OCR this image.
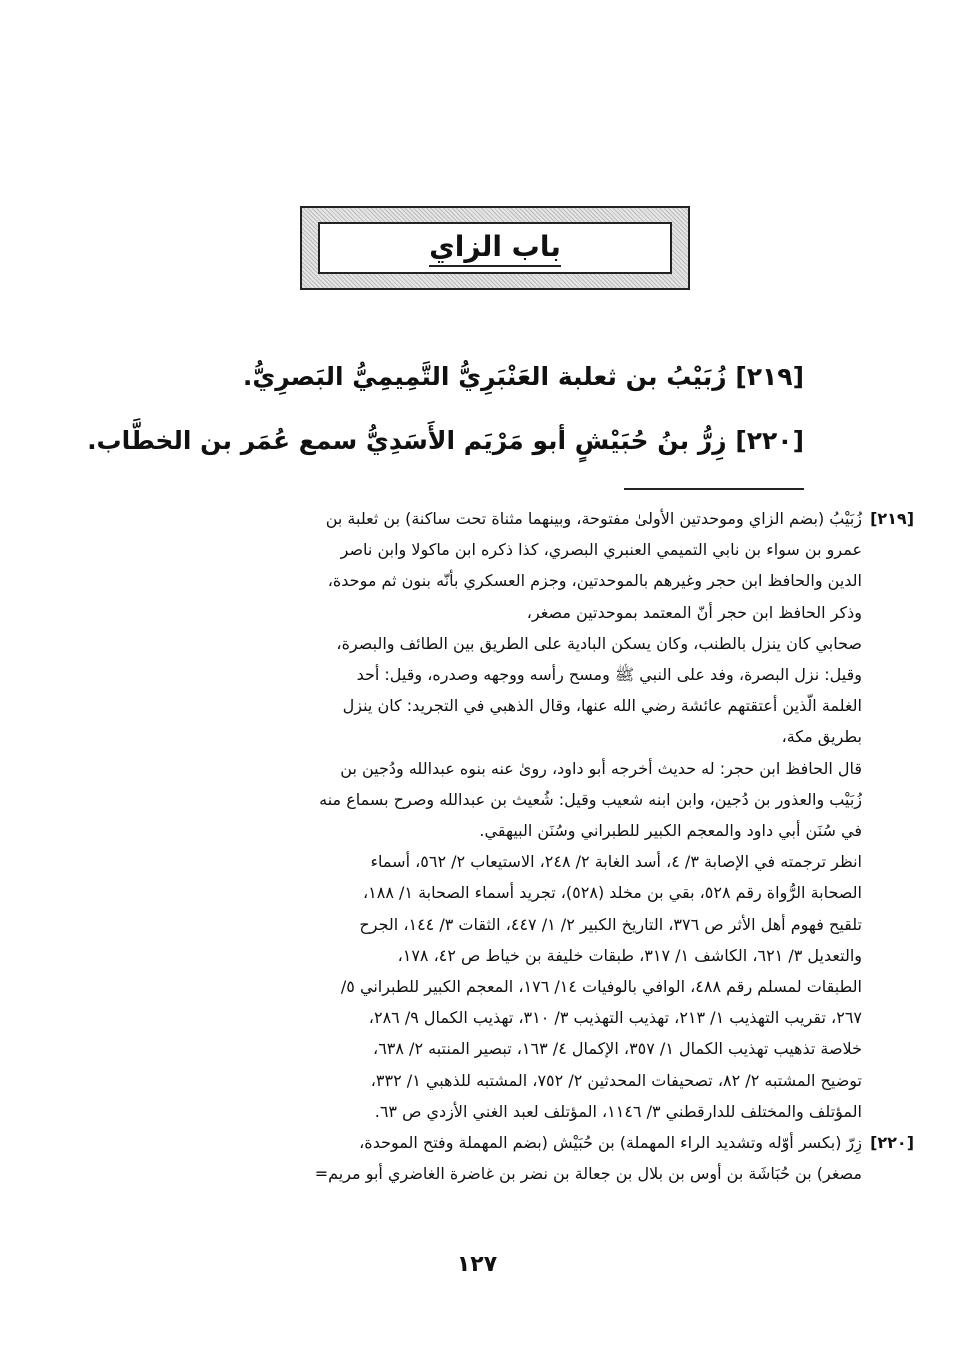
باب الزاي
[٢١٩] زُبَيْبُ بن ثعلبة العَنْبَرِيُّ التَّمِيمِيُّ البَصرِيُّ.
[٢٢٠] زِرُّ بنُ حُبَيْشٍ أبو مَرْيَم الأَسَدِيُّ سمع عُمَر بن الخطَّاب.
[٢١٩]
زُبَيْبُ (بضم الزاي وموحدتين الأولىٰ مفتوحة، وبينهما مثناة تحت ساكنة) بن ثعلبة بن
عمرو بن سواء بن نابي التميمي العنبري البصري، كذا ذكره ابن ماكولا وابن ناصر
الدين والحافظ ابن حجر وغيرهم بالموحدتين، وجزم العسكري بأنّه بنون ثم موحدة،
وذكر الحافظ ابن حجر أنّ المعتمد بموحدتين مصغر،
صحابي كان ينزل بالطنب، وكان يسكن البادية على الطريق بين الطائف والبصرة،
وقيل: نزل البصرة، وفد على النبي ﷺ ومسح رأسه ووجهه وصدره، وقيل: أحد
الغلمة الّذين أعتقتهم عائشة رضي الله عنها، وقال الذهبي في التجريد: كان ينزل
بطريق مكة،
قال الحافظ ابن حجر: له حديث أخرجه أبو داود، روىٰ عنه بنوه عبدالله ودُجين بن
زُبَيْب والعذور بن دُجين، وابن ابنه شعيب وقيل: شُعيث بن عبدالله وصرح بسماع منه
في سُنَن أبي داود والمعجم الكبير للطبراني وسُنَن البيهقي.
انظر ترجمته في الإصابة ٣/ ٤، أسد الغابة ٢/ ٢٤٨، الاستيعاب ٢/ ٥٦٢، أسماء
الصحابة الرُّواة رقم ٥٢٨، بقي بن مخلد (٥٢٨)، تجريد أسماء الصحابة ١/ ١٨٨،
تلقيح فهوم أهل الأثر ص ٣٧٦، التاريخ الكبير ٢/ ١/ ٤٤٧، الثقات ٣/ ١٤٤، الجرح
والتعديل ٣/ ٦٢١، الكاشف ١/ ٣١٧، طبقات خليفة بن خياط ص ٤٢، ١٧٨،
الطبقات لمسلم رقم ٤٨٨، الوافي بالوفيات ١٤/ ١٧٦، المعجم الكبير للطبراني ٥/
٢٦٧، تقريب التهذيب ١/ ٢١٣، تهذيب التهذيب ٣/ ٣١٠، تهذيب الكمال ٩/ ٢٨٦،
خلاصة تذهيب تهذيب الكمال ١/ ٣٥٧، الإكمال ٤/ ١٦٣، تبصير المنتبه ٢/ ٦٣٨،
توضيح المشتبه ٢/ ٨٢، تصحيفات المحدثين ٢/ ٧٥٢، المشتبه للذهبي ١/ ٣٣٢،
المؤتلف والمختلف للدارقطني ٣/ ١١٤٦، المؤتلف لعبد الغني الأزدي ص ٦٣.
[٢٢٠]
زِرّ (بكسر أوّله وتشديد الراء المهملة) بن حُبَيْش (بضم المهملة وفتح الموحدة،
مصغر) بن حُبَاشَة بن أوس بن بلال بن جعالة بن نضر بن غاضرة الغاضري أبو مريم=
١٢٧
